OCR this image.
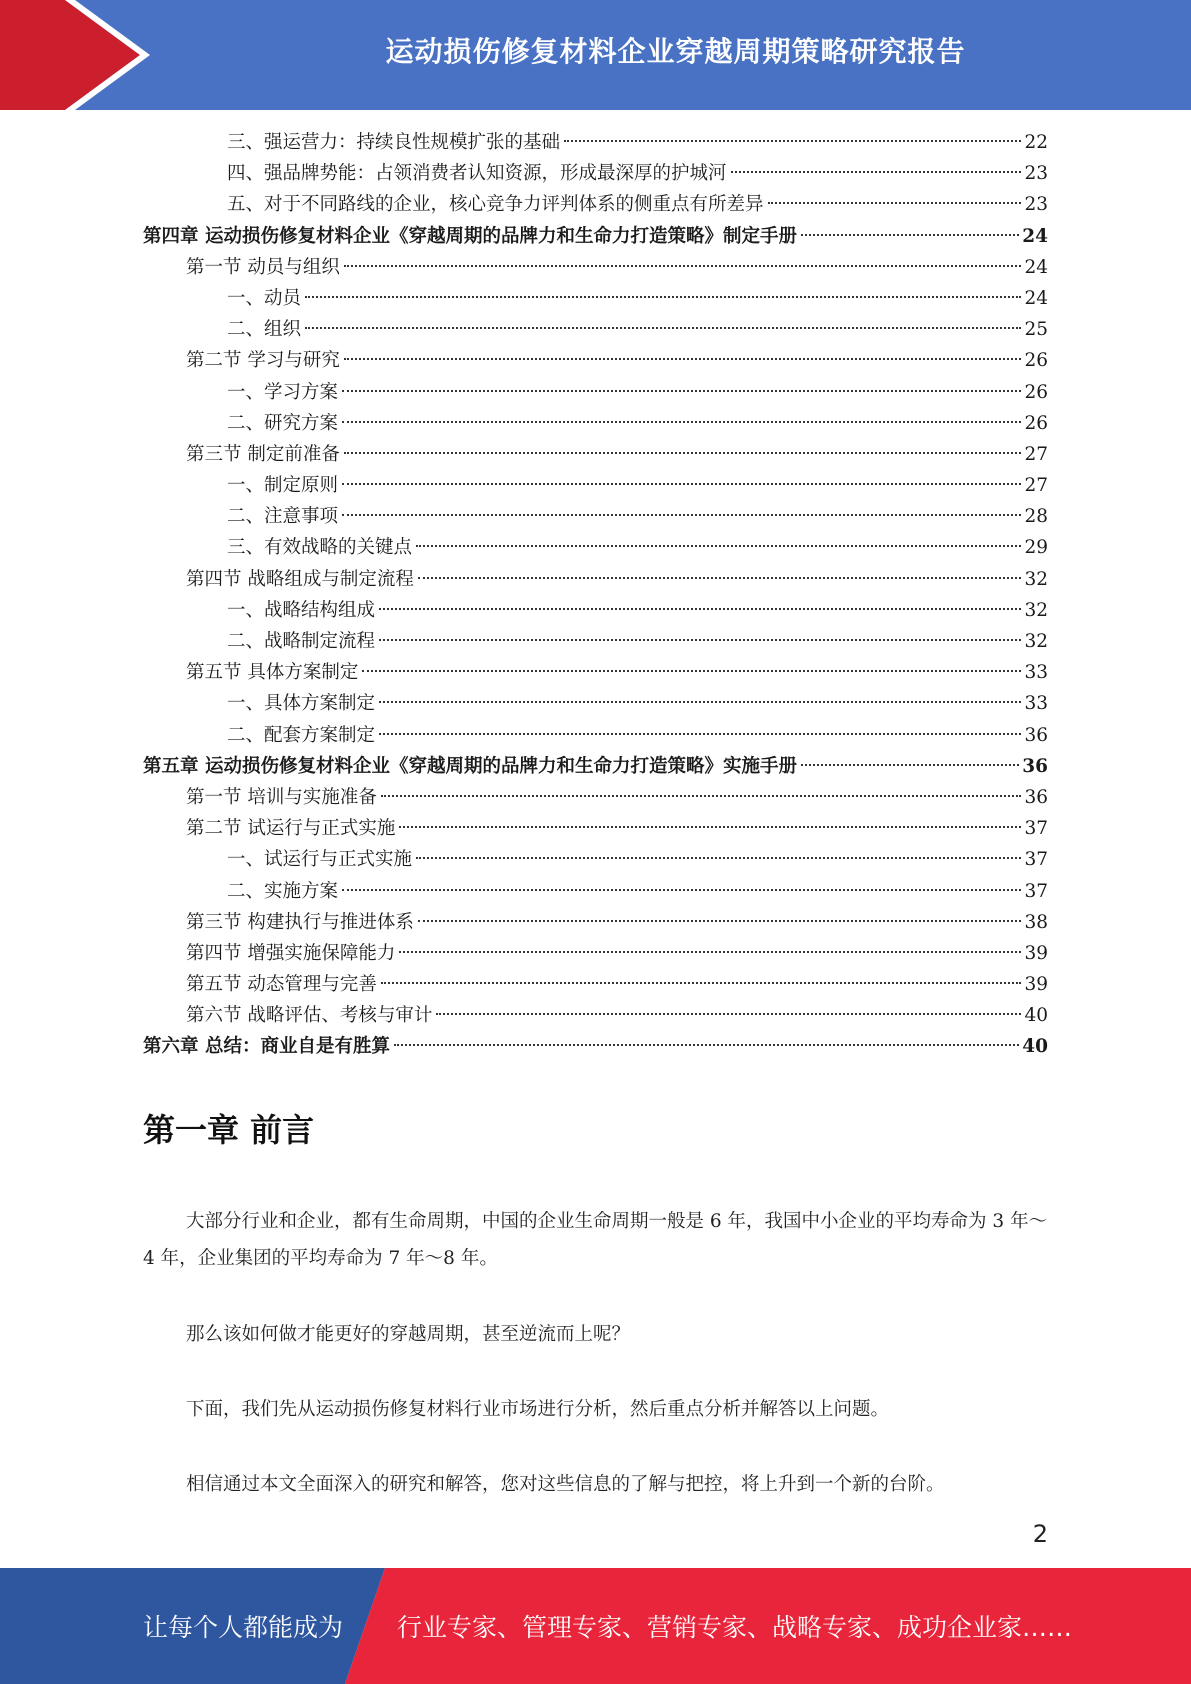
运动损伤修复材料企业穿越周期策略研究报告
三、强运营力：持续良性规模扩张的基础	22
四、强品牌势能：占领消费者认知资源，形成最深厚的护城河	23
五、对于不同路线的企业，核心竞争力评判体系的侧重点有所差异	23
第四章 运动损伤修复材料企业《穿越周期的品牌力和生命力打造策略》制定手册	24
第一节 动员与组织	24
一、动员	24
二、组织	25
第二节 学习与研究	26
一、学习方案	26
二、研究方案	26
第三节 制定前准备	27
一、制定原则	27
二、注意事项	28
三、有效战略的关键点	29
第四节 战略组成与制定流程	32
一、战略结构组成	32
二、战略制定流程	32
第五节 具体方案制定	33
一、具体方案制定	33
二、配套方案制定	36
第五章 运动损伤修复材料企业《穿越周期的品牌力和生命力打造策略》实施手册	36
第一节 培训与实施准备	36
第二节 试运行与正式实施	37
一、试运行与正式实施	37
二、实施方案	37
第三节 构建执行与推进体系	38
第四节 增强实施保障能力	39
第五节 动态管理与完善	39
第六节 战略评估、考核与审计	40
第六章 总结：商业自是有胜算	40
第一章 前言

大部分行业和企业，都有生命周期，中国的企业生命周期一般是 6 年，我国中小企业的平均寿命为 3 年～4 年，企业集团的平均寿命为 7 年～8 年。

那么该如何做才能更好的穿越周期，甚至逆流而上呢？

下面，我们先从运动损伤修复材料行业市场进行分析，然后重点分析并解答以上问题。

相信通过本文全面深入的研究和解答，您对这些信息的了解与把控，将上升到一个新的台阶。

2
让每个人都能成为 行业专家、管理专家、营销专家、战略专家、成功企业家……
